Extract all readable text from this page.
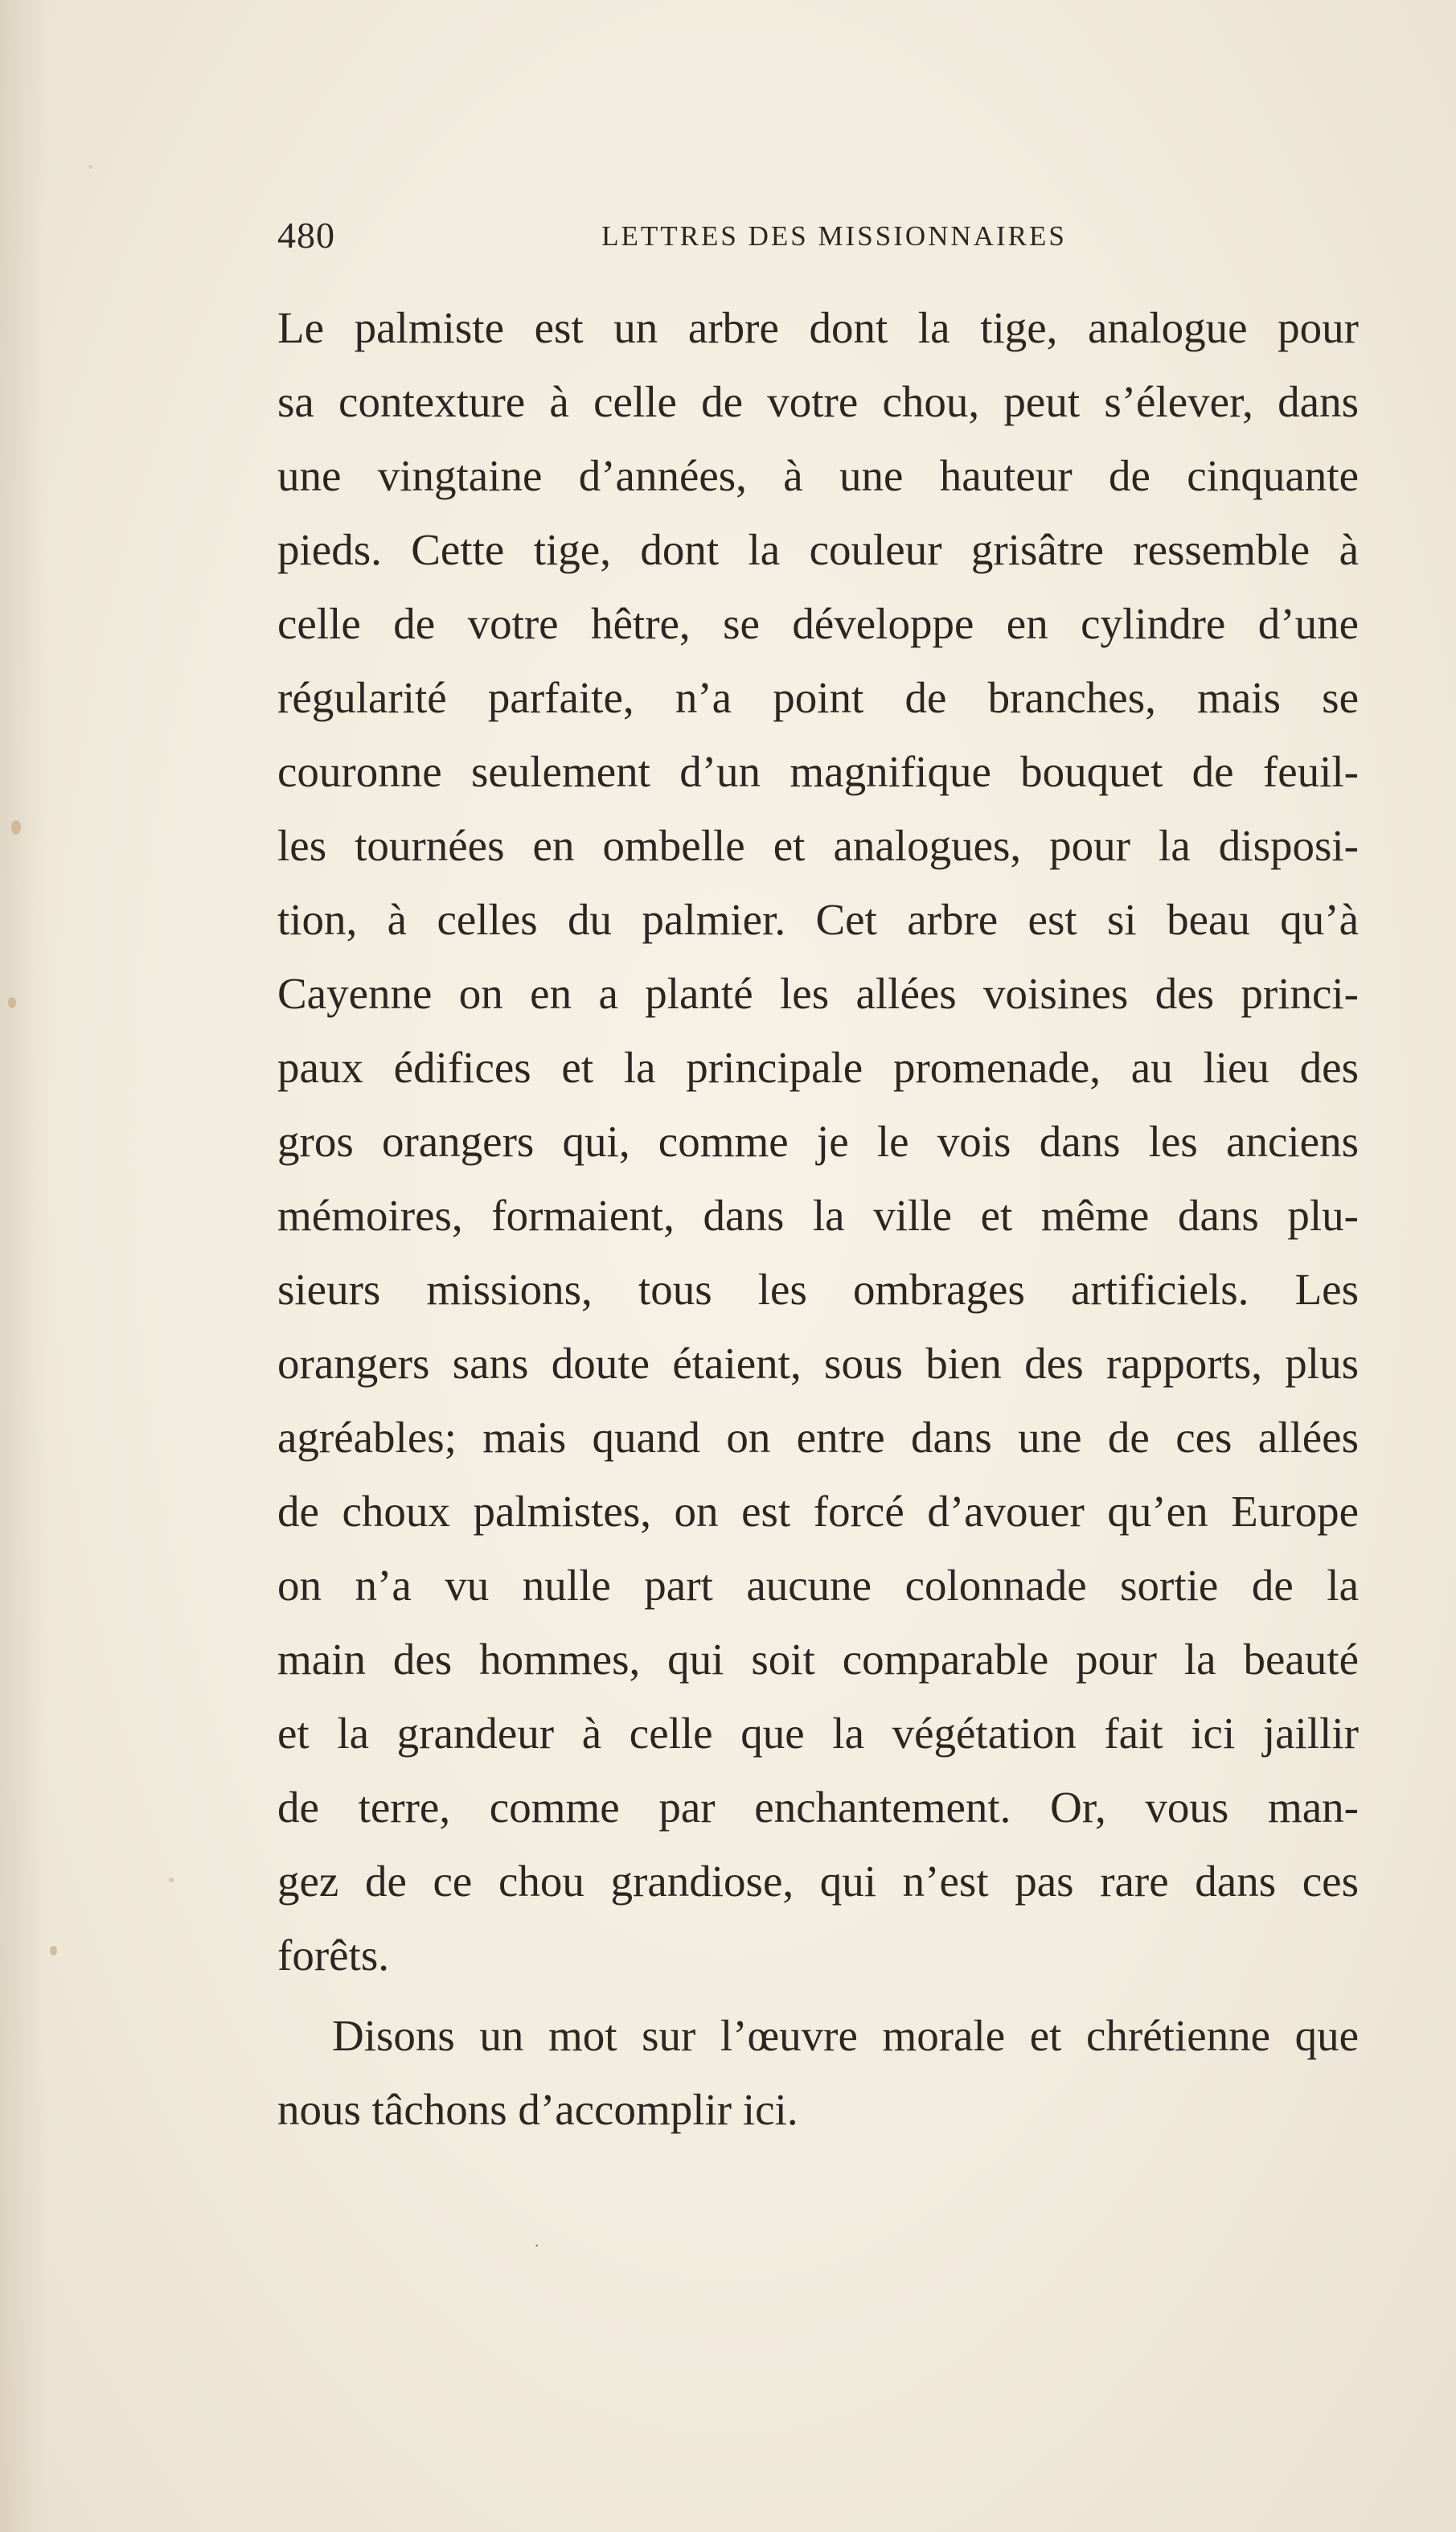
480	LETTRES DES MISSIONNAIRES
Le palmiste est un arbre dont la tige, analogue pour
sa contexture à celle de votre chou, peut s’élever, dans
une vingtaine d’années, à une hauteur de cinquante
pieds. Cette tige, dont la couleur grisâtre ressemble à
celle de votre hêtre, se développe en cylindre d’une
régularité parfaite, n’a point de branches, mais se
couronne seulement d’un magnifique bouquet de feuil-
les tournées en ombelle et analogues, pour la disposi-
tion, à celles du palmier. Cet arbre est si beau qu’à
Cayenne on en a planté les allées voisines des princi-
paux édifices et la principale promenade, au lieu des
gros orangers qui, comme je le vois dans les anciens
mémoires, formaient, dans la ville et même dans plu-
sieurs missions, tous les ombrages artificiels. Les
orangers sans doute étaient, sous bien des rapports, plus
agréables; mais quand on entre dans une de ces allées
de choux palmistes, on est forcé d’avouer qu’en Europe
on n’a vu nulle part aucune colonnade sortie de la
main des hommes, qui soit comparable pour la beauté
et la grandeur à celle que la végétation fait ici jaillir
de terre, comme par enchantement. Or, vous man-
gez de ce chou grandiose, qui n’est pas rare dans ces
forêts.
Disons un mot sur l’œuvre morale et chrétienne que
nous tâchons d’accomplir ici.
·
